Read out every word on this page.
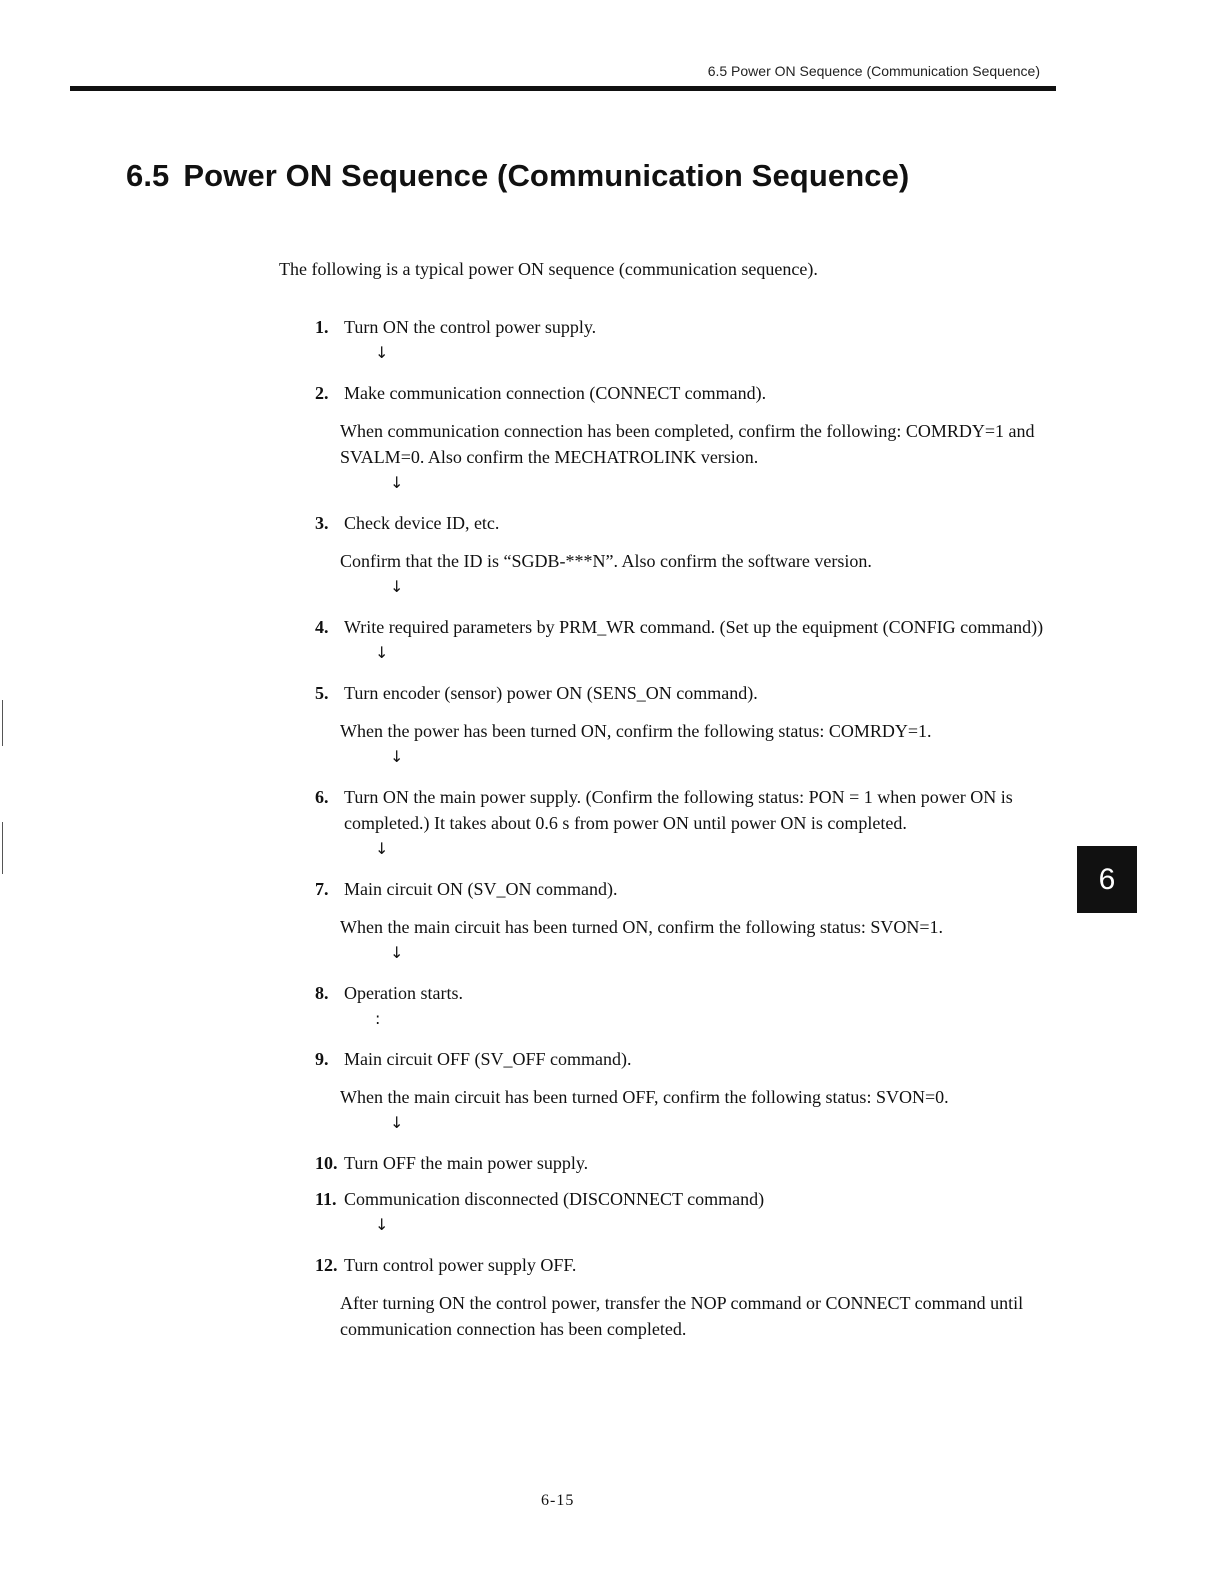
6.5 Power ON Sequence (Communication Sequence)
6.5 Power ON Sequence (Communication Sequence)
The following is a typical power ON sequence (communication sequence).
1. Turn ON the control power supply.
↓
2. Make communication connection (CONNECT command).
When communication connection has been completed, confirm the following: COMRDY=1 and SVALM=0. Also confirm the MECHATROLINK version.
↓
3. Check device ID, etc.
Confirm that the ID is “SGDB-***N”. Also confirm the software version.
↓
4. Write required parameters by PRM_WR command. (Set up the equipment (CONFIG command))
↓
5. Turn encoder (sensor) power ON (SENS_ON command).
When the power has been turned ON, confirm the following status: COMRDY=1.
↓
6. Turn ON the main power supply. (Confirm the following status: PON = 1 when power ON is completed.) It takes about 0.6 s from power ON until power ON is completed.
↓
7. Main circuit ON (SV_ON command).
When the main circuit has been turned ON, confirm the following status: SVON=1.
↓
8. Operation starts.
:
9. Main circuit OFF (SV_OFF command).
When the main circuit has been turned OFF, confirm the following status: SVON=0.
↓
10. Turn OFF the main power supply.
11. Communication disconnected (DISCONNECT command)
↓
12. Turn control power supply OFF.
After turning ON the control power, transfer the NOP command or CONNECT command until communication connection has been completed.
6
6-15
